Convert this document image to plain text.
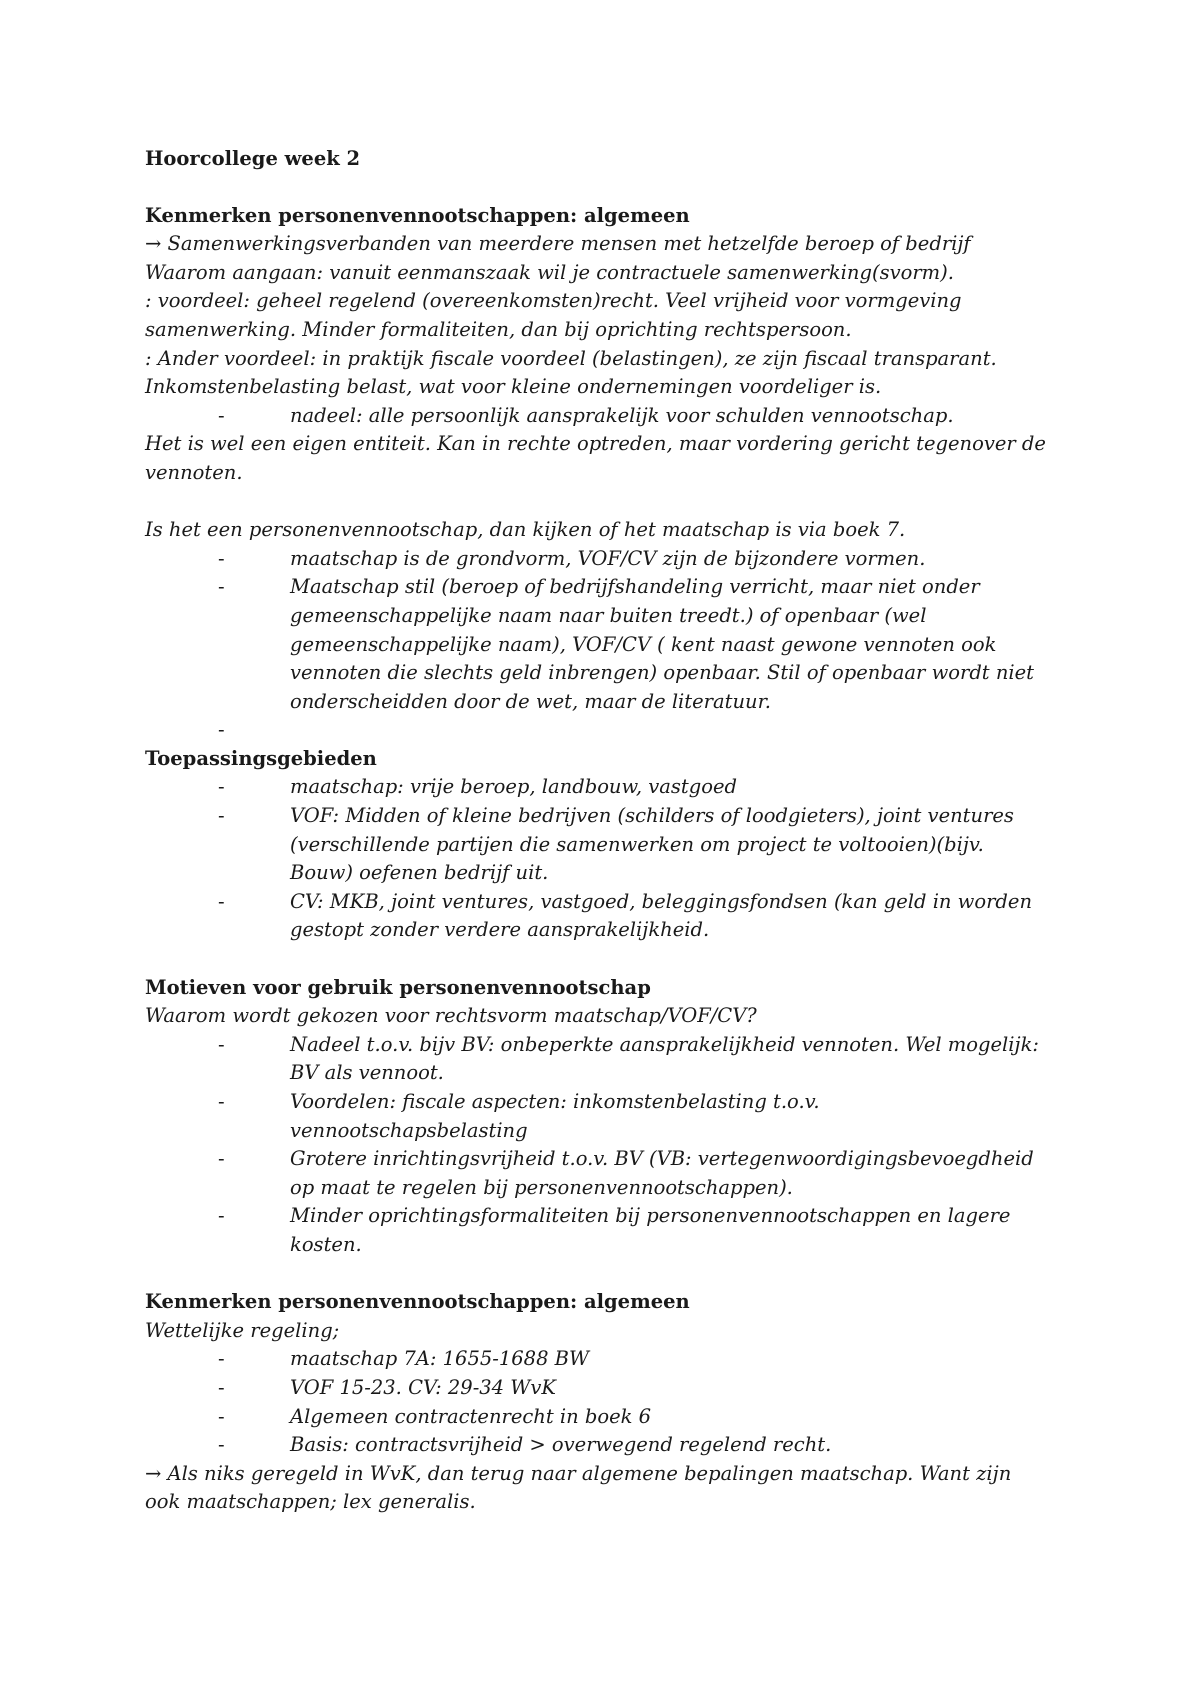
Hoorcollege week 2
Kenmerken personenvennootschappen: algemeen
→ Samenwerkingsverbanden van meerdere mensen met hetzelfde beroep of bedrijf
Waarom aangaan: vanuit eenmanszaak wil je contractuele samenwerking(svorm).
: voordeel: geheel regelend (overeenkomsten)recht. Veel vrijheid voor vormgeving
samenwerking. Minder formaliteiten, dan bij oprichting rechtspersoon.
: Ander voordeel: in praktijk fiscale voordeel (belastingen), ze zijn fiscaal transparant.
Inkomstenbelasting belast, wat voor kleine ondernemingen voordeliger is.
-	nadeel: alle persoonlijk aansprakelijk voor schulden vennootschap.
Het is wel een eigen entiteit. Kan in rechte optreden, maar vordering gericht tegenover de
vennoten.
Is het een personenvennootschap, dan kijken of het maatschap is via boek 7.
-	maatschap is de grondvorm, VOF/CV zijn de bijzondere vormen.
-	Maatschap stil (beroep of bedrijfshandeling verricht, maar niet onder
gemeenschappelijke naam naar buiten treedt.) of openbaar (wel
gemeenschappelijke naam), VOF/CV ( kent naast gewone vennoten ook
vennoten die slechts geld inbrengen) openbaar. Stil of openbaar wordt niet
onderscheidden door de wet, maar de literatuur.
-
Toepassingsgebieden
-	maatschap: vrije beroep, landbouw, vastgoed
-	VOF: Midden of kleine bedrijven (schilders of loodgieters), joint ventures
(verschillende partijen die samenwerken om project te voltooien)(bijv.
Bouw) oefenen bedrijf uit.
-	CV: MKB, joint ventures, vastgoed, beleggingsfondsen (kan geld in worden
gestopt zonder verdere aansprakelijkheid.
Motieven voor gebruik personenvennootschap
Waarom wordt gekozen voor rechtsvorm maatschap/VOF/CV?
-	Nadeel t.o.v. bijv BV: onbeperkte aansprakelijkheid vennoten. Wel mogelijk:
BV als vennoot.
-	Voordelen: fiscale aspecten: inkomstenbelasting t.o.v.
vennootschapsbelasting
-	Grotere inrichtingsvrijheid t.o.v. BV (VB: vertegenwoordigingsbevoegdheid
op maat te regelen bij personenvennootschappen).
-	Minder oprichtingsformaliteiten bij personenvennootschappen en lagere
kosten.
Kenmerken personenvennootschappen: algemeen
Wettelijke regeling;
-	maatschap 7A: 1655-1688 BW
-	VOF 15-23. CV: 29-34 WvK
-	Algemeen contractenrecht in boek 6
-	Basis: contractsvrijheid > overwegend regelend recht.
→ Als niks geregeld in WvK, dan terug naar algemene bepalingen maatschap. Want zijn
ook maatschappen; lex generalis.
